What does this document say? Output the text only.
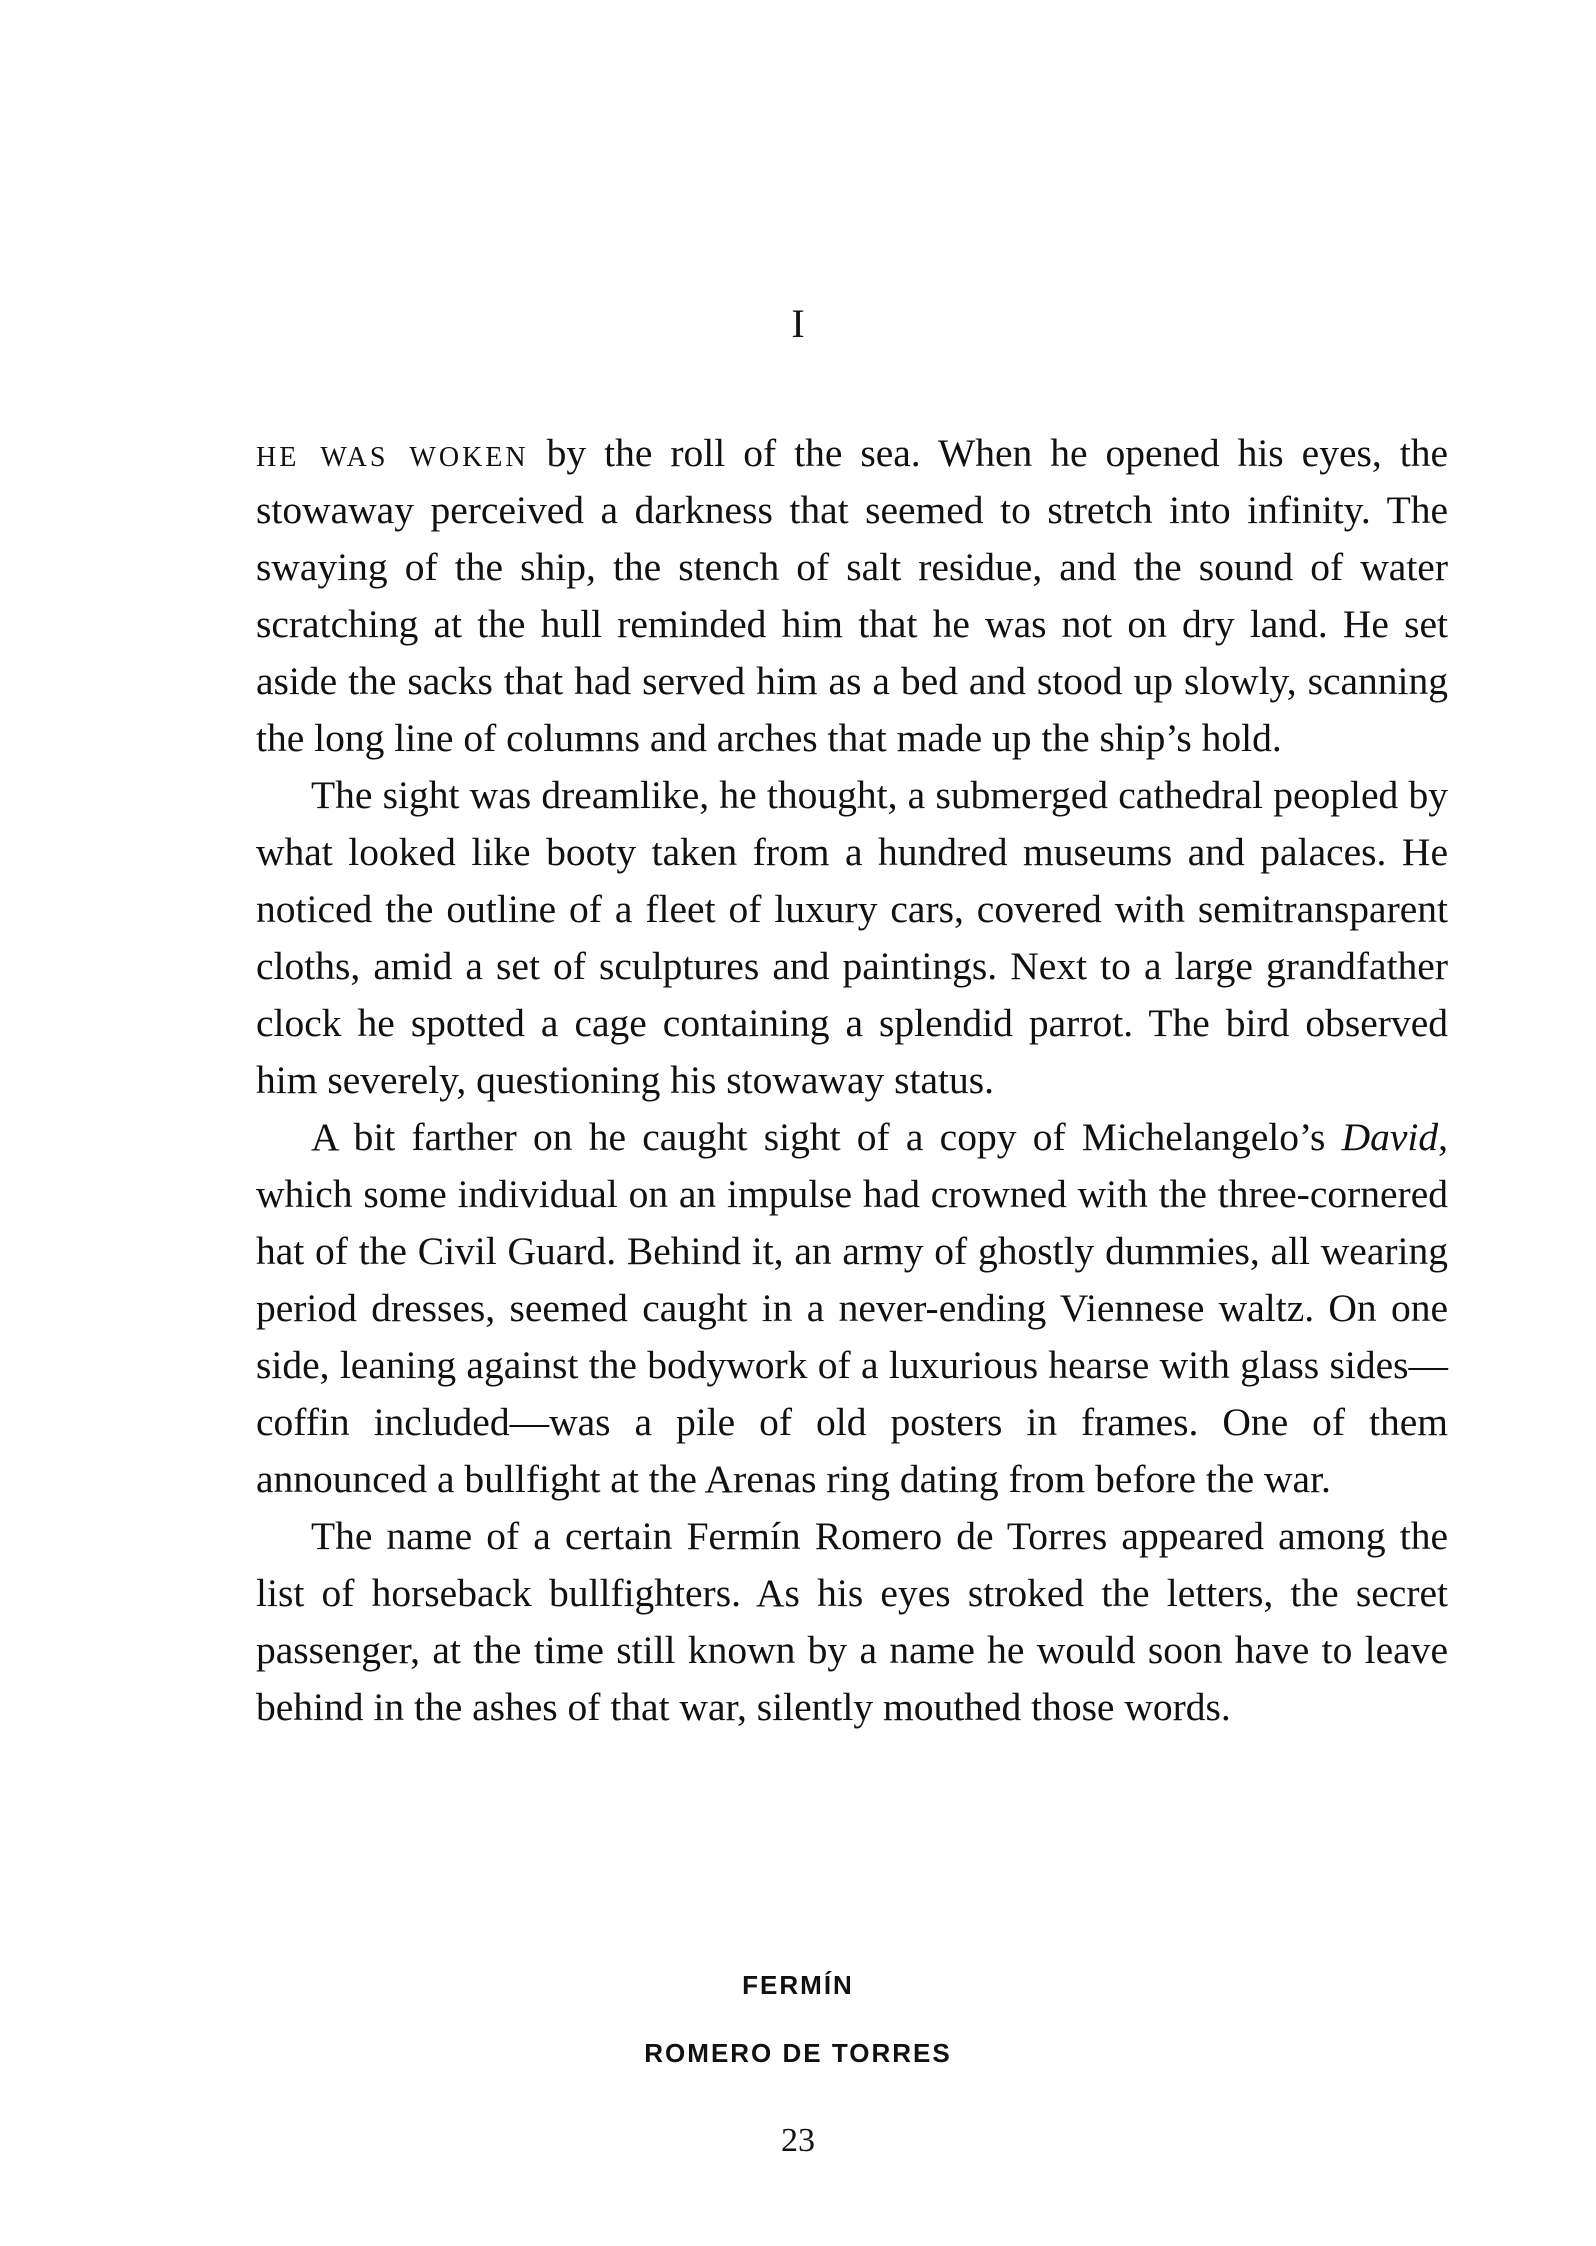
I

he was woken by the roll of the sea. When he opened his eyes, the stowaway perceived a darkness that seemed to stretch into infinity. The swaying of the ship, the stench of salt residue, and the sound of water scratching at the hull reminded him that he was not on dry land. He set aside the sacks that had served him as a bed and stood up slowly, scanning the long line of columns and arches that made up the ship’s hold.

The sight was dreamlike, he thought, a submerged cathedral peopled by what looked like booty taken from a hundred museums and palaces. He noticed the outline of a fleet of luxury cars, covered with semitransparent cloths, amid a set of sculptures and paintings. Next to a large grandfather clock he spotted a cage containing a splendid parrot. The bird observed him severely, questioning his stowaway status.

A bit farther on he caught sight of a copy of Michelangelo’s David, which some individual on an impulse had crowned with the three-cornered hat of the Civil Guard. Behind it, an army of ghostly dummies, all wearing period dresses, seemed caught in a never-ending Viennese waltz. On one side, leaning against the bodywork of a luxurious hearse with glass sides—coffin included—was a pile of old posters in frames. One of them announced a bullfight at the Arenas ring dating from before the war.

The name of a certain Fermín Romero de Torres appeared among the list of horseback bullfighters. As his eyes stroked the letters, the secret passenger, at the time still known by a name he would soon have to leave behind in the ashes of that war, silently mouthed those words.

FERMÍN
ROMERO DE TORRES
23
